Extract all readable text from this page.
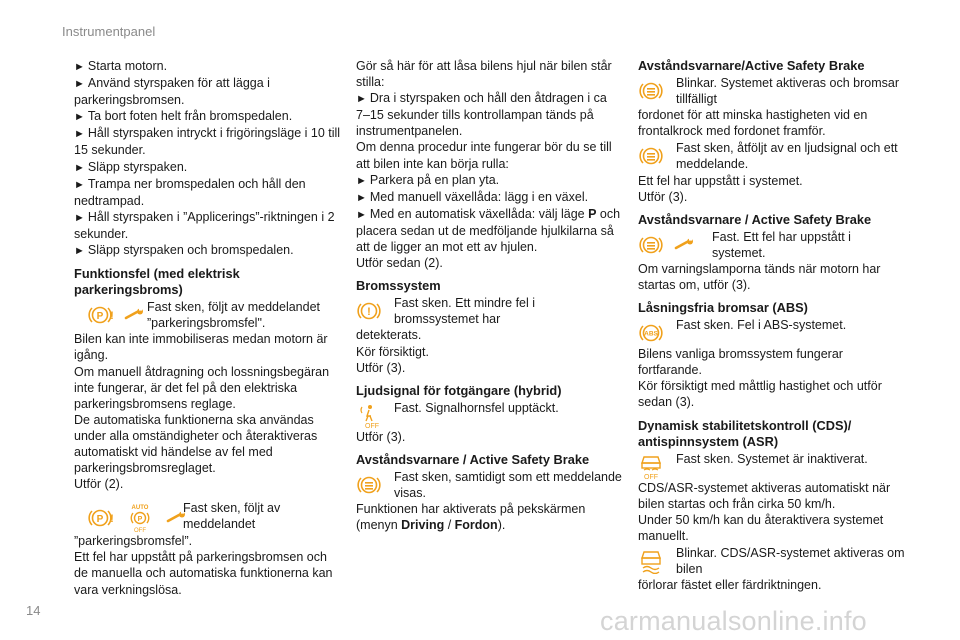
Instrumentpanel

► Starta motorn.

► Använd styrspaken för att lägga i parkeringsbromsen.

► Ta bort foten helt från bromspedalen.

► Håll styrspaken intryckt i frigöringsläge i 10 till 15 sekunder.

► Släpp styrspaken.

► Trampa ner bromspedalen och håll den nedtrampad.

► Håll styrspaken i ”Applicerings”-riktningen i 2 sekunder.

► Släpp styrspaken och bromspedalen.

Funktionsfel (med elektrisk parkeringsbroms)
P !
Fast sken, följt av meddelandet ”parkeringsbromsfel".

Bilen kan inte immobiliseras medan motorn är igång.

Om manuell åtdragning och lossningsbegäran inte fungerar, är det fel på den elektriska parkeringsbromsens reglage.

De automatiska funktionerna ska användas under alla omständigheter och återaktiveras automatiskt vid händelse av fel med parkeringsbromsreglaget.

Utför (2).

P !
AUTO
P
OFF
Fast sken, följt av meddelandet

”parkeringsbromsfel”.

Ett fel har uppstått på parkeringsbromsen och de manuella och automatiska funktionerna kan vara verkningslösa.

Gör så här för att låsa bilens hjul när bilen står stilla:

► Dra i styrspaken och håll den åtdragen i ca 7–15 sekunder tills kontrollampan tänds på instrumentpanelen.

Om denna procedur inte fungerar bör du se till att bilen inte kan börja rulla:

► Parkera på en plan yta.

► Med manuell växellåda: lägg i en växel.

► Med en automatisk växellåda: välj läge P och placera sedan ut de medföljande hjulkilarna så att de ligger an mot ett av hjulen.

Utför sedan (2).

Bromssystem
!
Fast sken. Ett mindre fel i bromssystemet har

detekterats.

Kör försiktigt.

Utför (3).

Ljudsignal för fotgängare (hybrid)
OFF
Fast. Signalhornsfel upptäckt.

Utför (3).

Avståndsvarnare / Active Safety Brake
Fast sken, samtidigt som ett meddelande visas.

Funktionen har aktiverats på pekskärmen (menyn Driving / Fordon).

Avståndsvarnare/Active Safety Brake
Blinkar. Systemet aktiveras och bromsar tillfälligt

fordonet för att minska hastigheten vid en frontalkrock med fordonet framför.

Fast sken, åtföljt av en ljudsignal och ett meddelande.

Ett fel har uppstått i systemet.

Utför (3).

Avståndsvarnare / Active Safety Brake
Fast. Ett fel har uppstått i systemet.

Om varningslamporna tänds när motorn har startas om, utför (3).

Låsningsfria bromsar (ABS)
ABS
Fast sken. Fel i ABS-systemet.

Bilens vanliga bromssystem fungerar fortfarande.

Kör försiktigt med måttlig hastighet och utför sedan (3).

Dynamisk stabilitetskontroll (CDS)/ antispinnsystem (ASR)
OFF
Fast sken. Systemet är inaktiverat.

CDS/ASR-systemet aktiveras automatiskt när bilen startas och från cirka 50 km/h.

Under 50 km/h kan du återaktivera systemet manuellt.

Blinkar. CDS/ASR-systemet aktiveras om bilen

förlorar fästet eller färdriktningen.

14	carmanualsonline.info
